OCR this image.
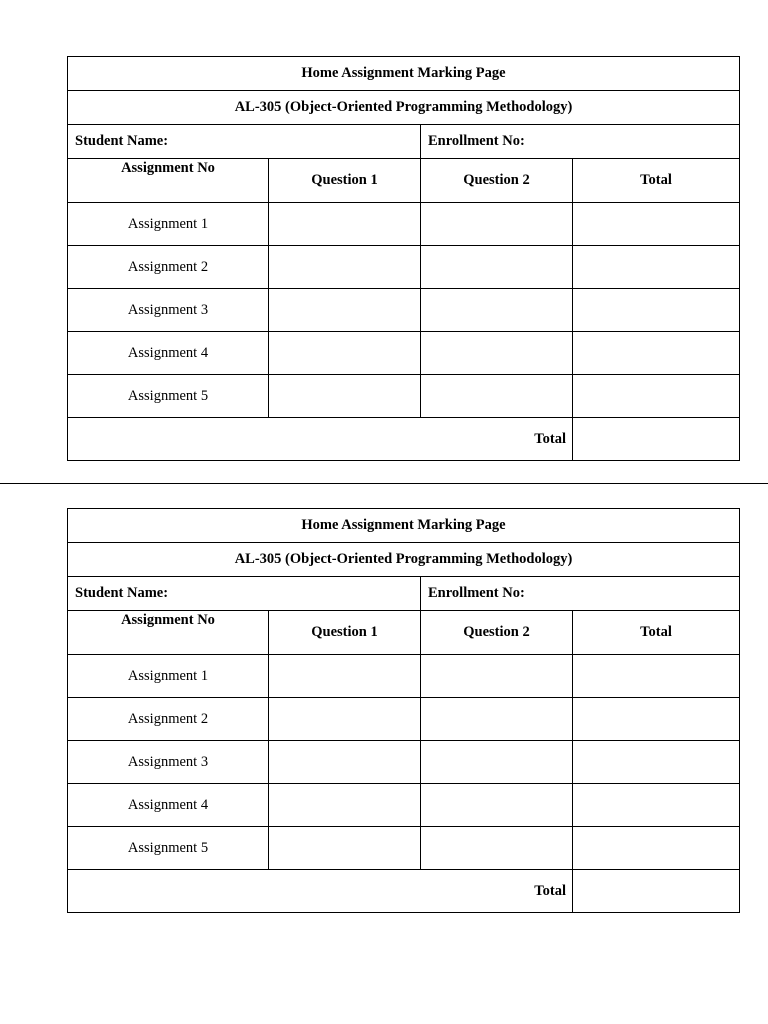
Home Assignment Marking Page			
AL-305 (Object-Oriented Programming Methodology)			
Student Name:		Enrollment No:	
Assignment No	Question 1	Question 2	Total
Assignment 1			
Assignment 2			
Assignment 3			
Assignment 4			
Assignment 5			
Total			
Home Assignment Marking Page			
AL-305 (Object-Oriented Programming Methodology)			
Student Name:		Enrollment No:	
Assignment No	Question 1	Question 2	Total
Assignment 1			
Assignment 2			
Assignment 3			
Assignment 4			
Assignment 5			
Total			
